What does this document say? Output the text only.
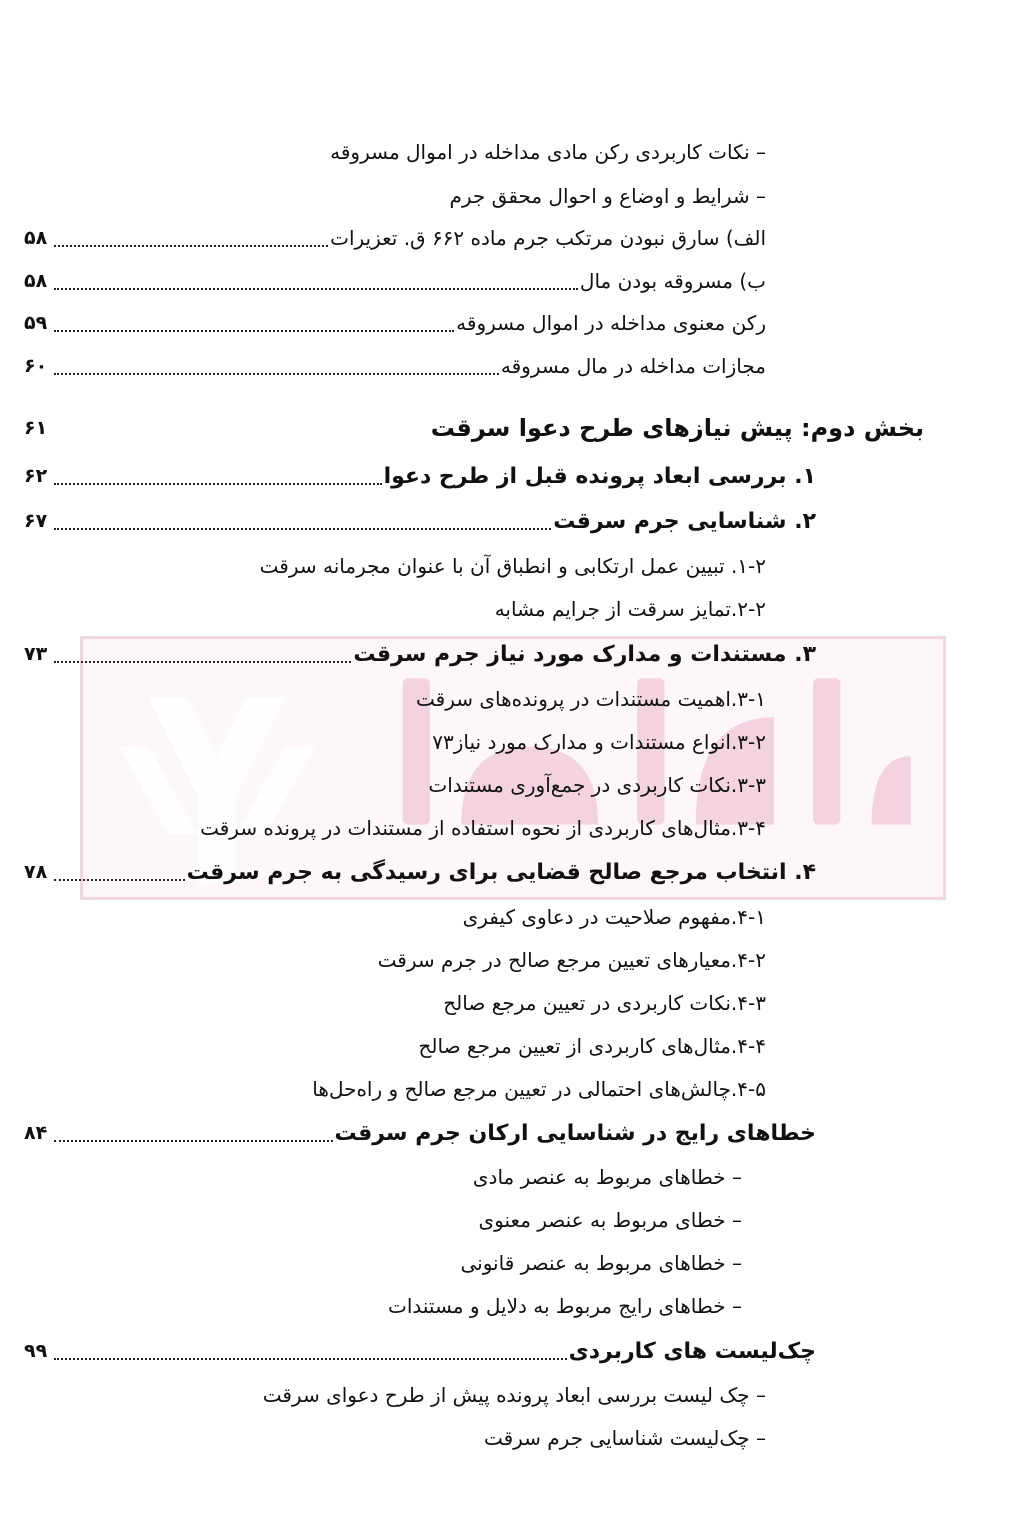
– نکات کاربردی رکن مادی مداخله در اموال مسروقه
– شرایط و اوضاع و احوال محقق جرم
الف) سارق نبودن مرتکب جرم ماده ۶۶۲ ق. تعزیرات
۵۸
ب) مسروقه بودن مال
۵۸
رکن معنوی مداخله در اموال مسروقه
۵۹
مجازات مداخله در مال مسروقه
۶۰
بخش دوم: پیش نیازهای طرح دعوا سرقت
۶۱
۱. بررسی ابعاد پرونده قبل از طرح دعوا
۶۲
۲. شناسایی جرم سرقت
۶۷
۱-۲. تبیین عمل ارتکابی و انطباق آن با عنوان مجرمانه سرقت
۲-۲.تمایز سرقت از جرایم مشابه
۳. مستندات و مدارک مورد نیاز جرم سرقت
۷۳
۳-۱.اهمیت مستندات در پرونده‌های سرقت
۳-۲.انواع مستندات و مدارک مورد نیاز۷۳
۳-۳.نکات کاربردی در جمع‌آوری مستندات
۳-۴.مثال‌های کاربردی از نحوه استفاده از مستندات در پرونده سرقت
۴. انتخاب مرجع صالح قضایی برای رسیدگی به جرم سرقت
۷۸
۴-۱.مفهوم صلاحیت در دعاوی کیفری
۴-۲.معیارهای تعیین مرجع صالح در جرم سرقت
۴-۳.نکات کاربردی در تعیین مرجع صالح
۴-۴.مثال‌های کاربردی از تعیین مرجع صالح
۴-۵.چالش‌های احتمالی در تعیین مرجع صالح و راه‌حل‌ها
خطاهای رایج در شناسایی ارکان جرم سرقت
۸۴
– خطاهای مربوط به عنصر مادی
– خطای مربوط به عنصر معنوی
– خطاهای مربوط به عنصر قانونی
– خطاهای رایج مربوط به دلایل و مستندات
چک‌لیست های کاربردی
۹۹
– چک لیست بررسی ابعاد پرونده پیش از طرح دعوای سرقت
– چک‌لیست شناسایی جرم سرقت
